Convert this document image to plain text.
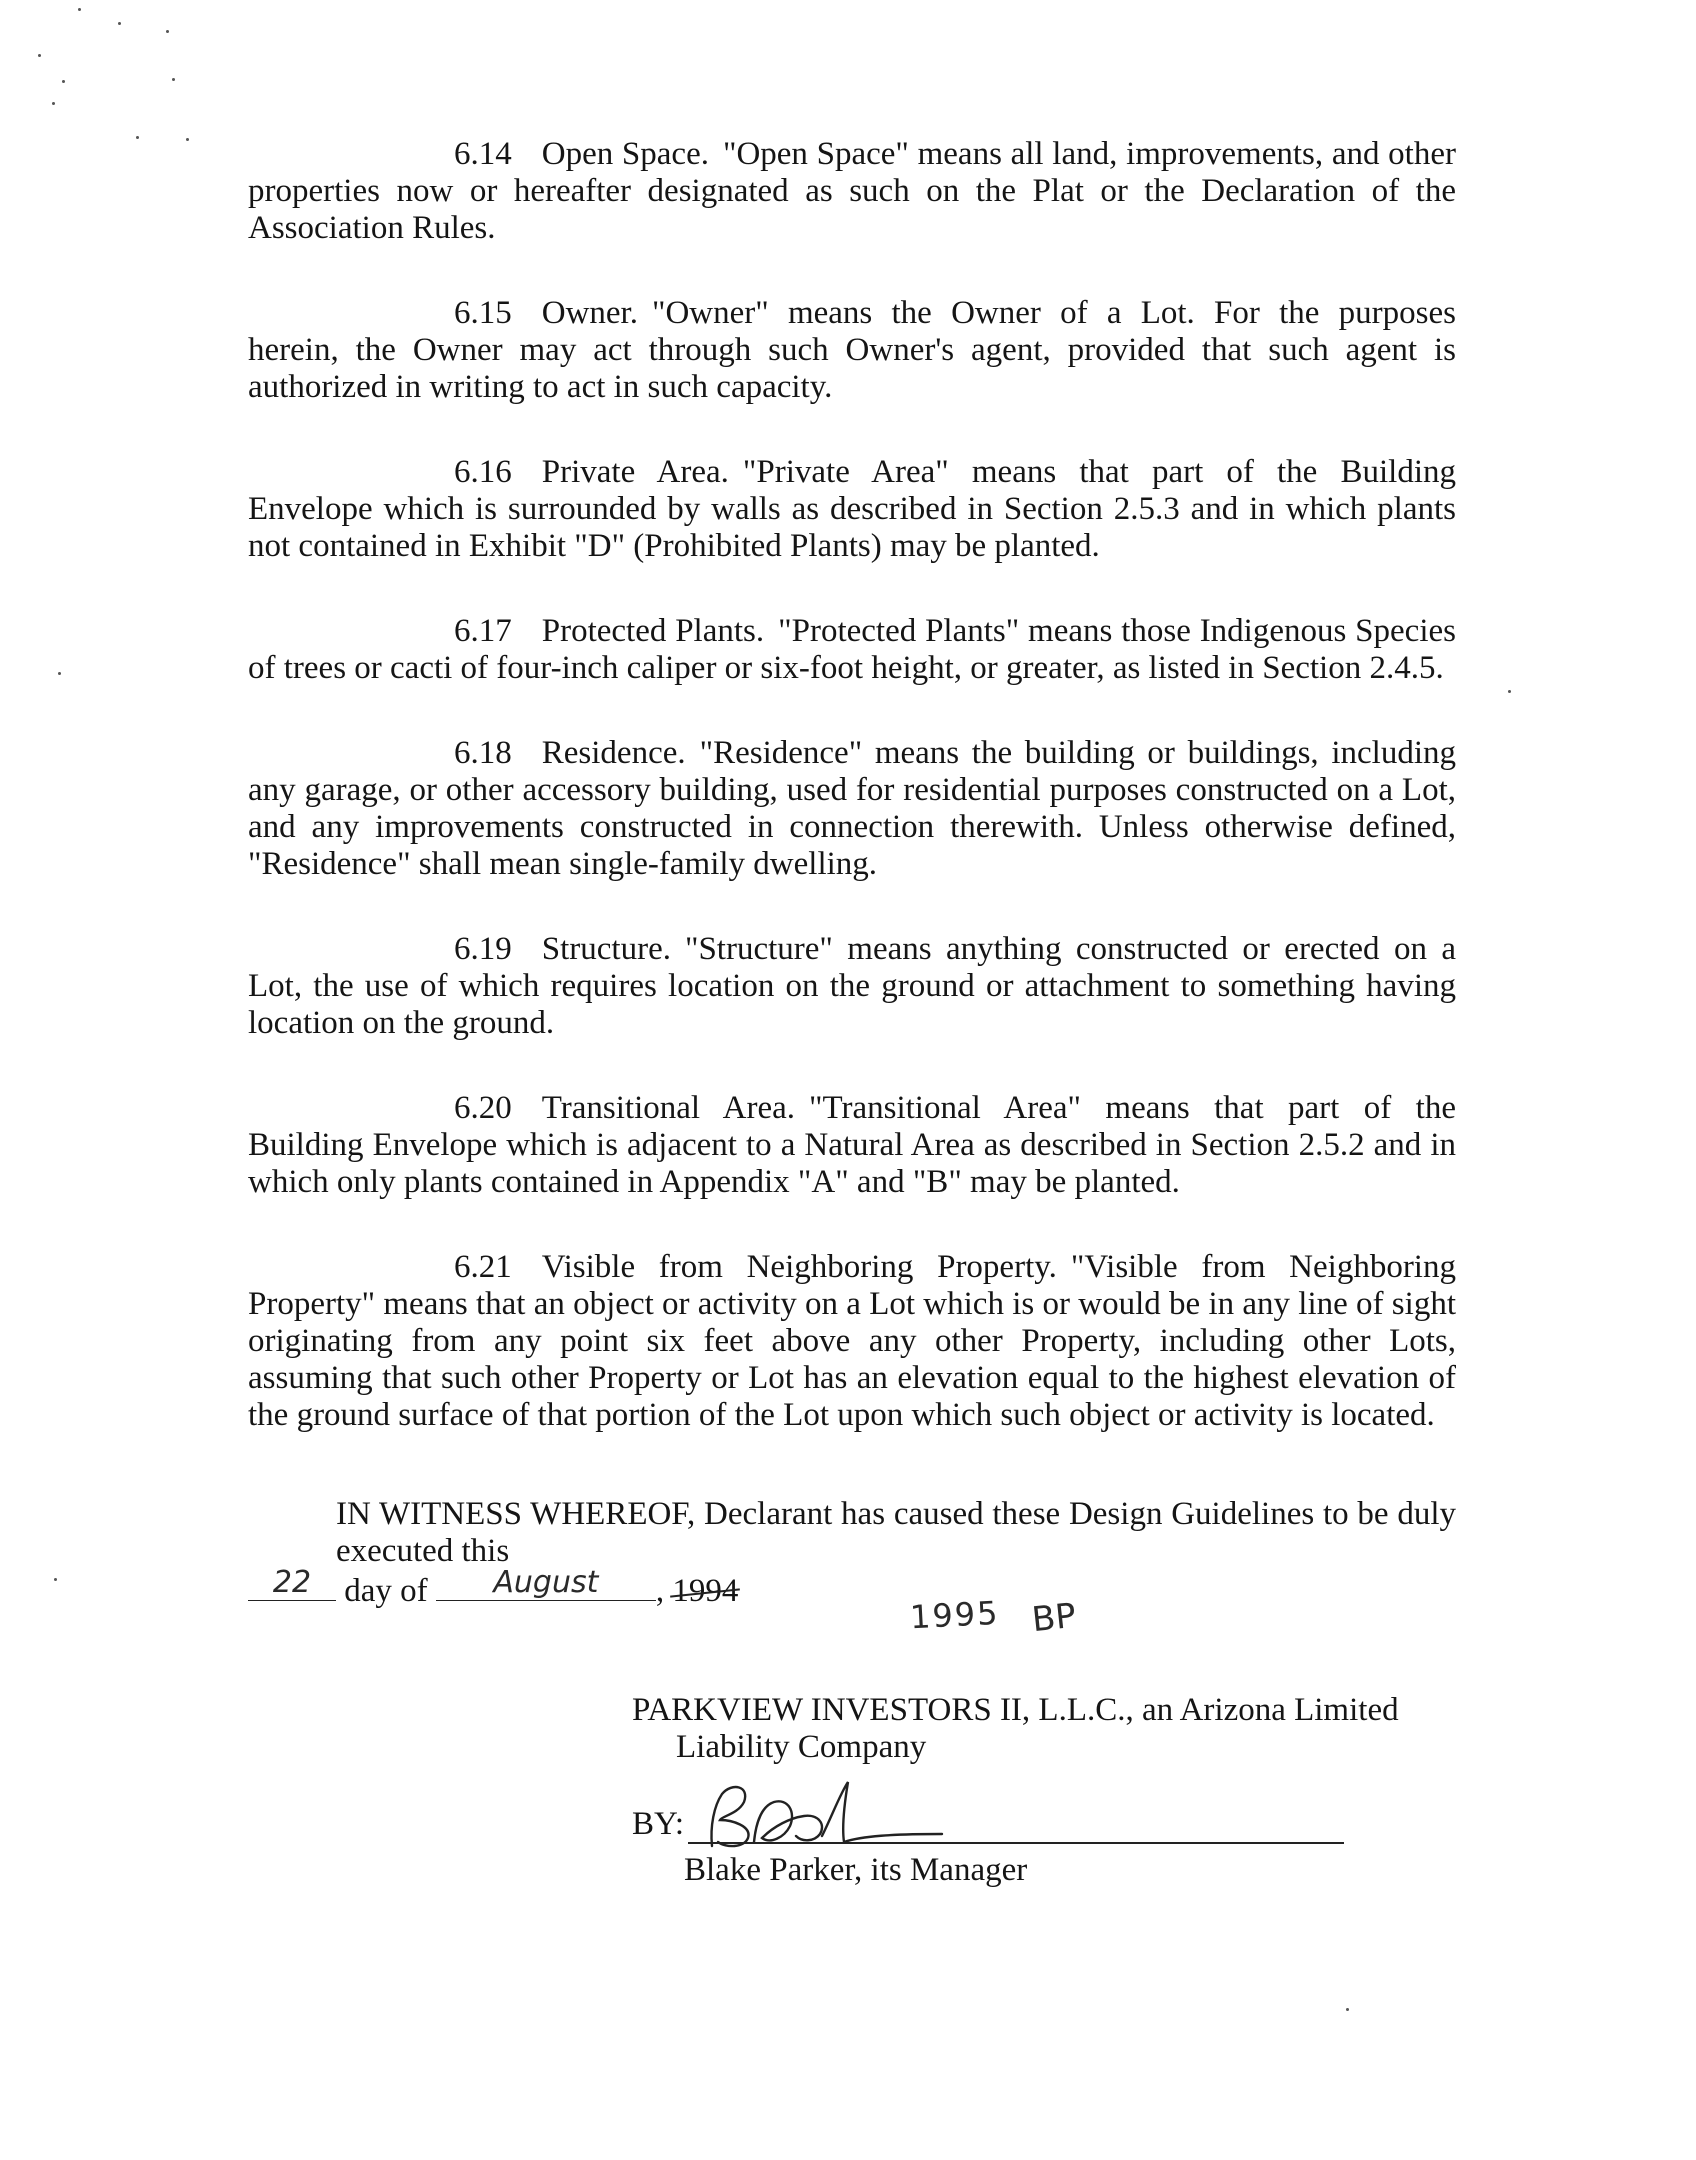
6.14 Open Space. "Open Space" means all land, improvements, and other properties now or hereafter designated as such on the Plat or the Declaration of the Association Rules.
6.15 Owner. "Owner" means the Owner of a Lot. For the purposes herein, the Owner may act through such Owner's agent, provided that such agent is authorized in writing to act in such capacity.
6.16 Private Area. "Private Area" means that part of the Building Envelope which is surrounded by walls as described in Section 2.5.3 and in which plants not contained in Exhibit "D" (Prohibited Plants) may be planted.
6.17 Protected Plants. "Protected Plants" means those Indigenous Species of trees or cacti of four-inch caliper or six-foot height, or greater, as listed in Section 2.4.5.
6.18 Residence. "Residence" means the building or buildings, including any garage, or other accessory building, used for residential purposes constructed on a Lot, and any improvements constructed in connection therewith. Unless otherwise defined, "Residence" shall mean single-family dwelling.
6.19 Structure. "Structure" means anything constructed or erected on a Lot, the use of which requires location on the ground or attachment to something having location on the ground.
6.20 Transitional Area. "Transitional Area" means that part of the Building Envelope which is adjacent to a Natural Area as described in Section 2.5.2 and in which only plants contained in Appendix "A" and "B" may be planted.
6.21 Visible from Neighboring Property. "Visible from Neighboring Property" means that an object or activity on a Lot which is or would be in any line of sight originating from any point six feet above any other Property, including other Lots, assuming that such other Property or Lot has an elevation equal to the highest elevation of the ground surface of that portion of the Lot upon which such object or activity is located.
IN WITNESS WHEREOF, Declarant has caused these Design Guidelines to be duly executed this
22	day of	August	, 1994
1995 BP
PARKVIEW INVESTORS II, L.L.C., an Arizona Limited
Liability Company
BY:
Blake Parker, its Manager
